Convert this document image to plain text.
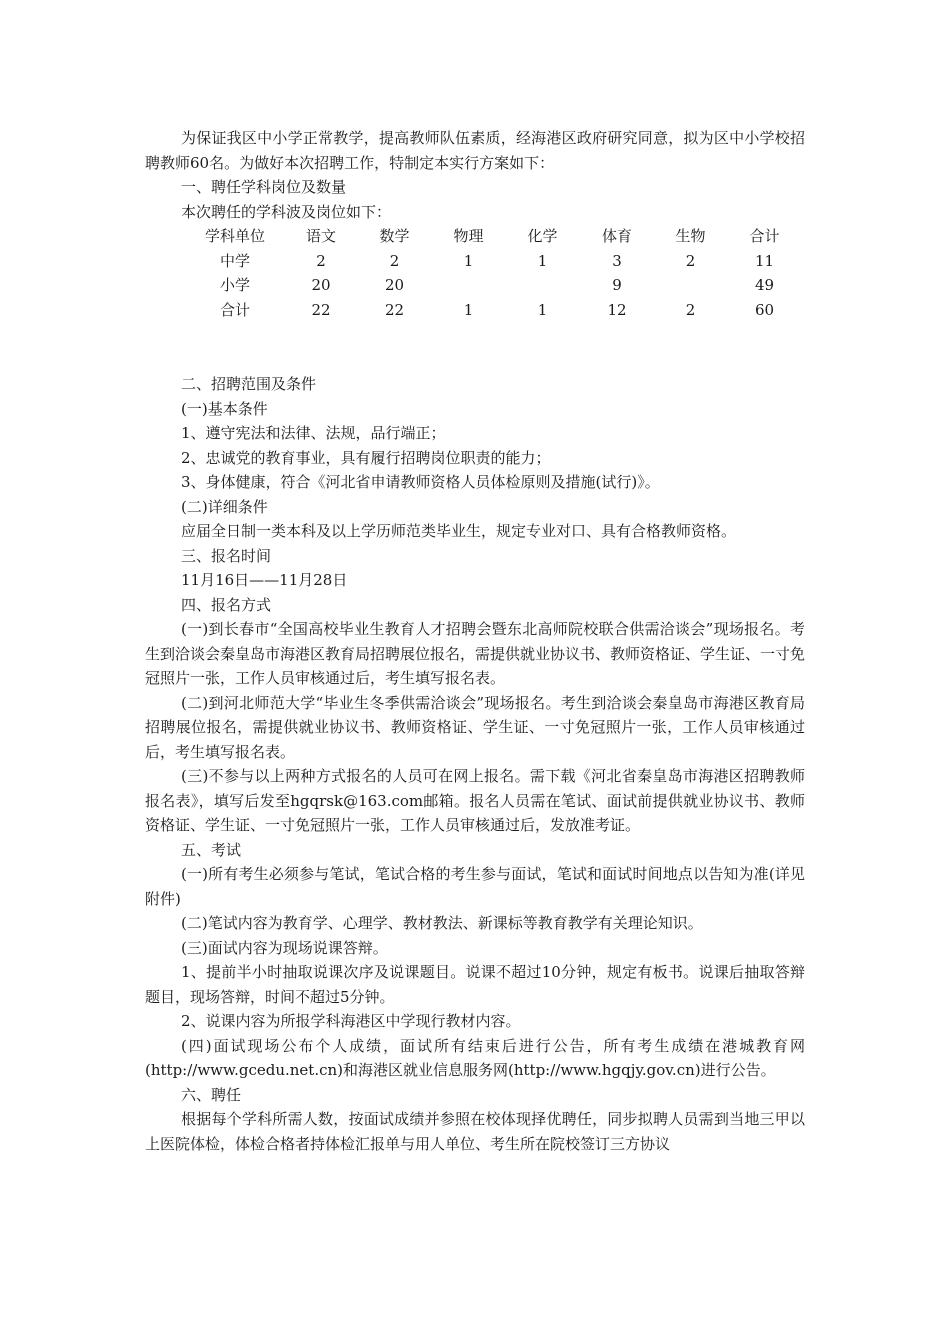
为保证我区中小学正常教学，提高教师队伍素质，经海港区政府研究同意，拟为区中小学校招聘教师60名。为做好本次招聘工作，特制定本实行方案如下：

一、聘任学科岗位及数量

本次聘任的学科波及岗位如下：

学科单位	语文	数学	物理	化学	体育	生物	合计
中学	2	2	1	1	3	2	11
小学	20	20			9		49
合计	22	22	1	1	12	2	60

二、招聘范围及条件

(一)基本条件

1、遵守宪法和法律、法规，品行端正；

2、忠诚党的教育事业，具有履行招聘岗位职责的能力；

3、身体健康，符合《河北省申请教师资格人员体检原则及措施(试行)》。

(二)详细条件

应届全日制一类本科及以上学历师范类毕业生，规定专业对口、具有合格教师资格。

三、报名时间

11月16日——11月28日

四、报名方式

(一)到长春市“全国高校毕业生教育人才招聘会暨东北高师院校联合供需洽谈会”现场报名。考生到洽谈会秦皇岛市海港区教育局招聘展位报名，需提供就业协议书、教师资格证、学生证、一寸免冠照片一张，工作人员审核通过后，考生填写报名表。

(二)到河北师范大学“毕业生冬季供需洽谈会”现场报名。考生到洽谈会秦皇岛市海港区教育局招聘展位报名，需提供就业协议书、教师资格证、学生证、一寸免冠照片一张，工作人员审核通过后，考生填写报名表。

(三)不参与以上两种方式报名的人员可在网上报名。需下载《河北省秦皇岛市海港区招聘教师报名表》，填写后发至hgqrsk@163.com邮箱。报名人员需在笔试、面试前提供就业协议书、教师资格证、学生证、一寸免冠照片一张，工作人员审核通过后，发放准考证。

五、考试

(一)所有考生必须参与笔试，笔试合格的考生参与面试，笔试和面试时间地点以告知为准(详见附件)

(二)笔试内容为教育学、心理学、教材教法、新课标等教育教学有关理论知识。

(三)面试内容为现场说课答辩。

1、提前半小时抽取说课次序及说课题目。说课不超过10分钟，规定有板书。说课后抽取答辩题目，现场答辩，时间不超过5分钟。

2、说课内容为所报学科海港区中学现行教材内容。

(四)面试现场公布个人成绩，面试所有结束后进行公告，所有考生成绩在港城教育网(http://www.gcedu.net.cn)和海港区就业信息服务网(http://www.hgqjy.gov.cn)进行公告。

六、聘任

根据每个学科所需人数，按面试成绩并参照在校体现择优聘任，同步拟聘人员需到当地三甲以上医院体检，体检合格者持体检汇报单与用人单位、考生所在院校签订三方协议
